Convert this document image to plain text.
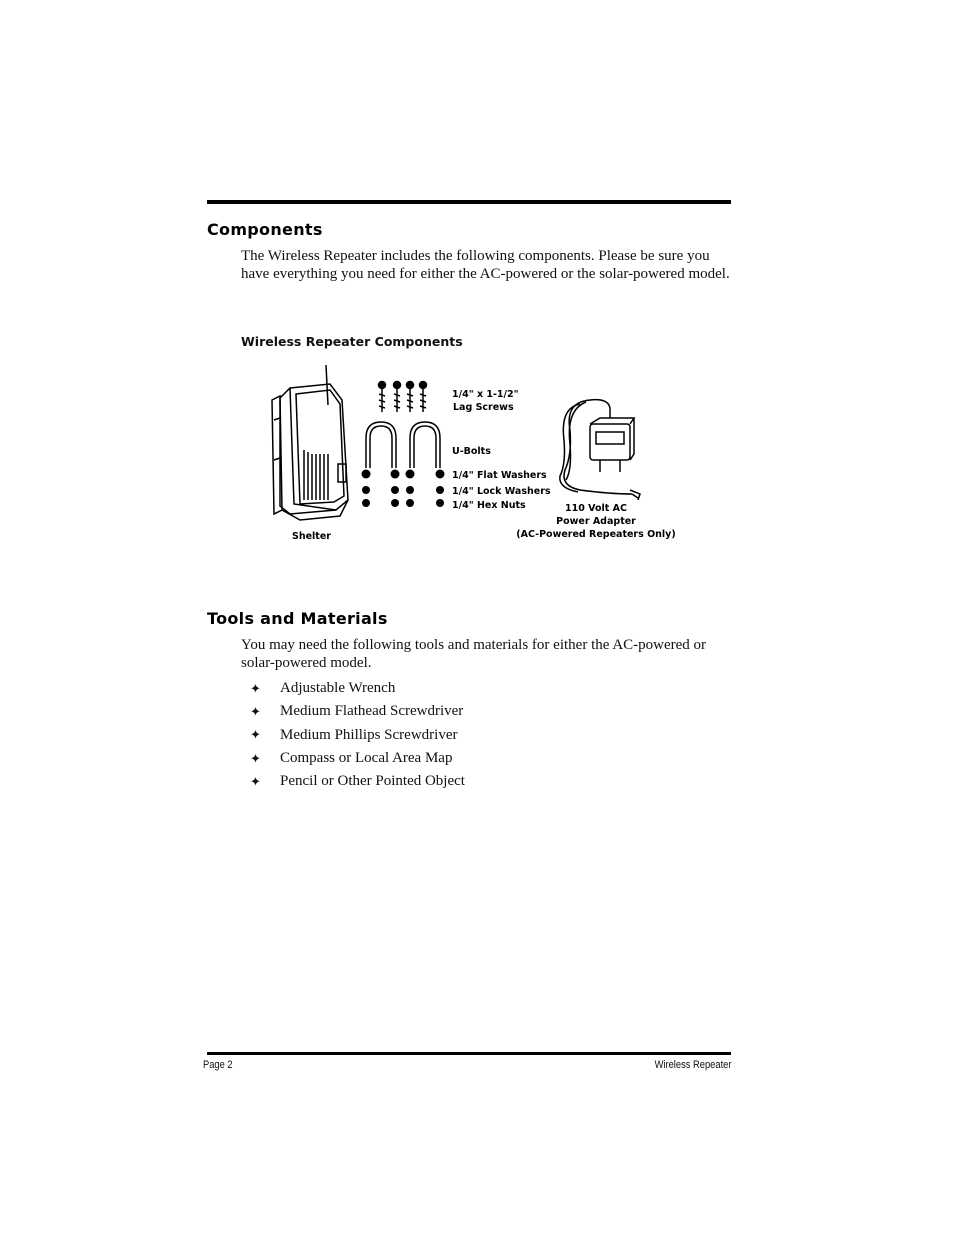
Components

The Wireless Repeater includes the following components. Please be sure you have everything you need for either the AC-powered or the solar-powered model.

Wireless Repeater Components

1/4" x 1-1/2"
Lag Screws
U-Bolts
1/4" Flat Washers
1/4" Lock Washers
1/4" Hex Nuts
Shelter
110 Volt AC
Power Adapter
(AC-Powered Repeaters Only)
Tools and Materials

You may need the following tools and materials for either the AC-powered or solar-powered model.

✦	Adjustable Wrench
✦	Medium Flathead Screwdriver
✦	Medium Phillips Screwdriver
✦	Compass or Local Area Map
✦	Pencil or Other Pointed Object
Page 2	Wireless Repeater
